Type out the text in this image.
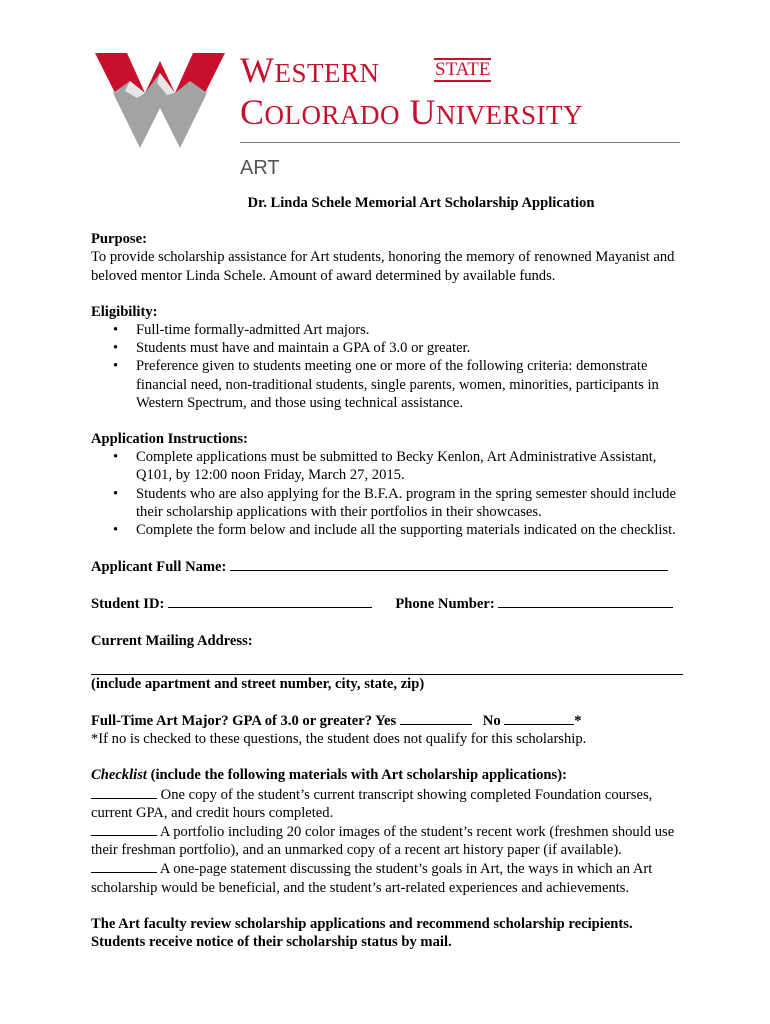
WESTERN	STATE
COLORADO UNIVERSITY
ART
Dr. Linda Schele Memorial Art Scholarship Application
Purpose:
To provide scholarship assistance for Art students, honoring the memory of renowned Mayanist and beloved mentor Linda Schele. Amount of award determined by available funds.
Eligibility:
• Full-time formally-admitted Art majors.
• Students must have and maintain a GPA of 3.0 or greater.
• Preference given to students meeting one or more of the following criteria: demonstrate financial need, non-traditional students, single parents, women, minorities, participants in Western Spectrum, and those using technical assistance.
Application Instructions:
• Complete applications must be submitted to Becky Kenlon, Art Administrative Assistant, Q101, by 12:00 noon Friday, March 27, 2015.
• Students who are also applying for the B.F.A. program in the spring semester should include their scholarship applications with their portfolios in their showcases.
• Complete the form below and include all the supporting materials indicated on the checklist.
Applicant Full Name:
Student ID:	Phone Number:
Current Mailing Address:
(include apartment and street number, city, state, zip)
Full-Time Art Major? GPA of 3.0 or greater? Yes	No	*
*If no is checked to these questions, the student does not qualify for this scholarship.
Checklist (include the following materials with Art scholarship applications):
One copy of the student’s current transcript showing completed Foundation courses, current GPA, and credit hours completed.
A portfolio including 20 color images of the student’s recent work (freshmen should use their freshman portfolio), and an unmarked copy of a recent art history paper (if available).
A one-page statement discussing the student’s goals in Art, the ways in which an Art scholarship would be beneficial, and the student’s art-related experiences and achievements.
The Art faculty review scholarship applications and recommend scholarship recipients. Students receive notice of their scholarship status by mail.
